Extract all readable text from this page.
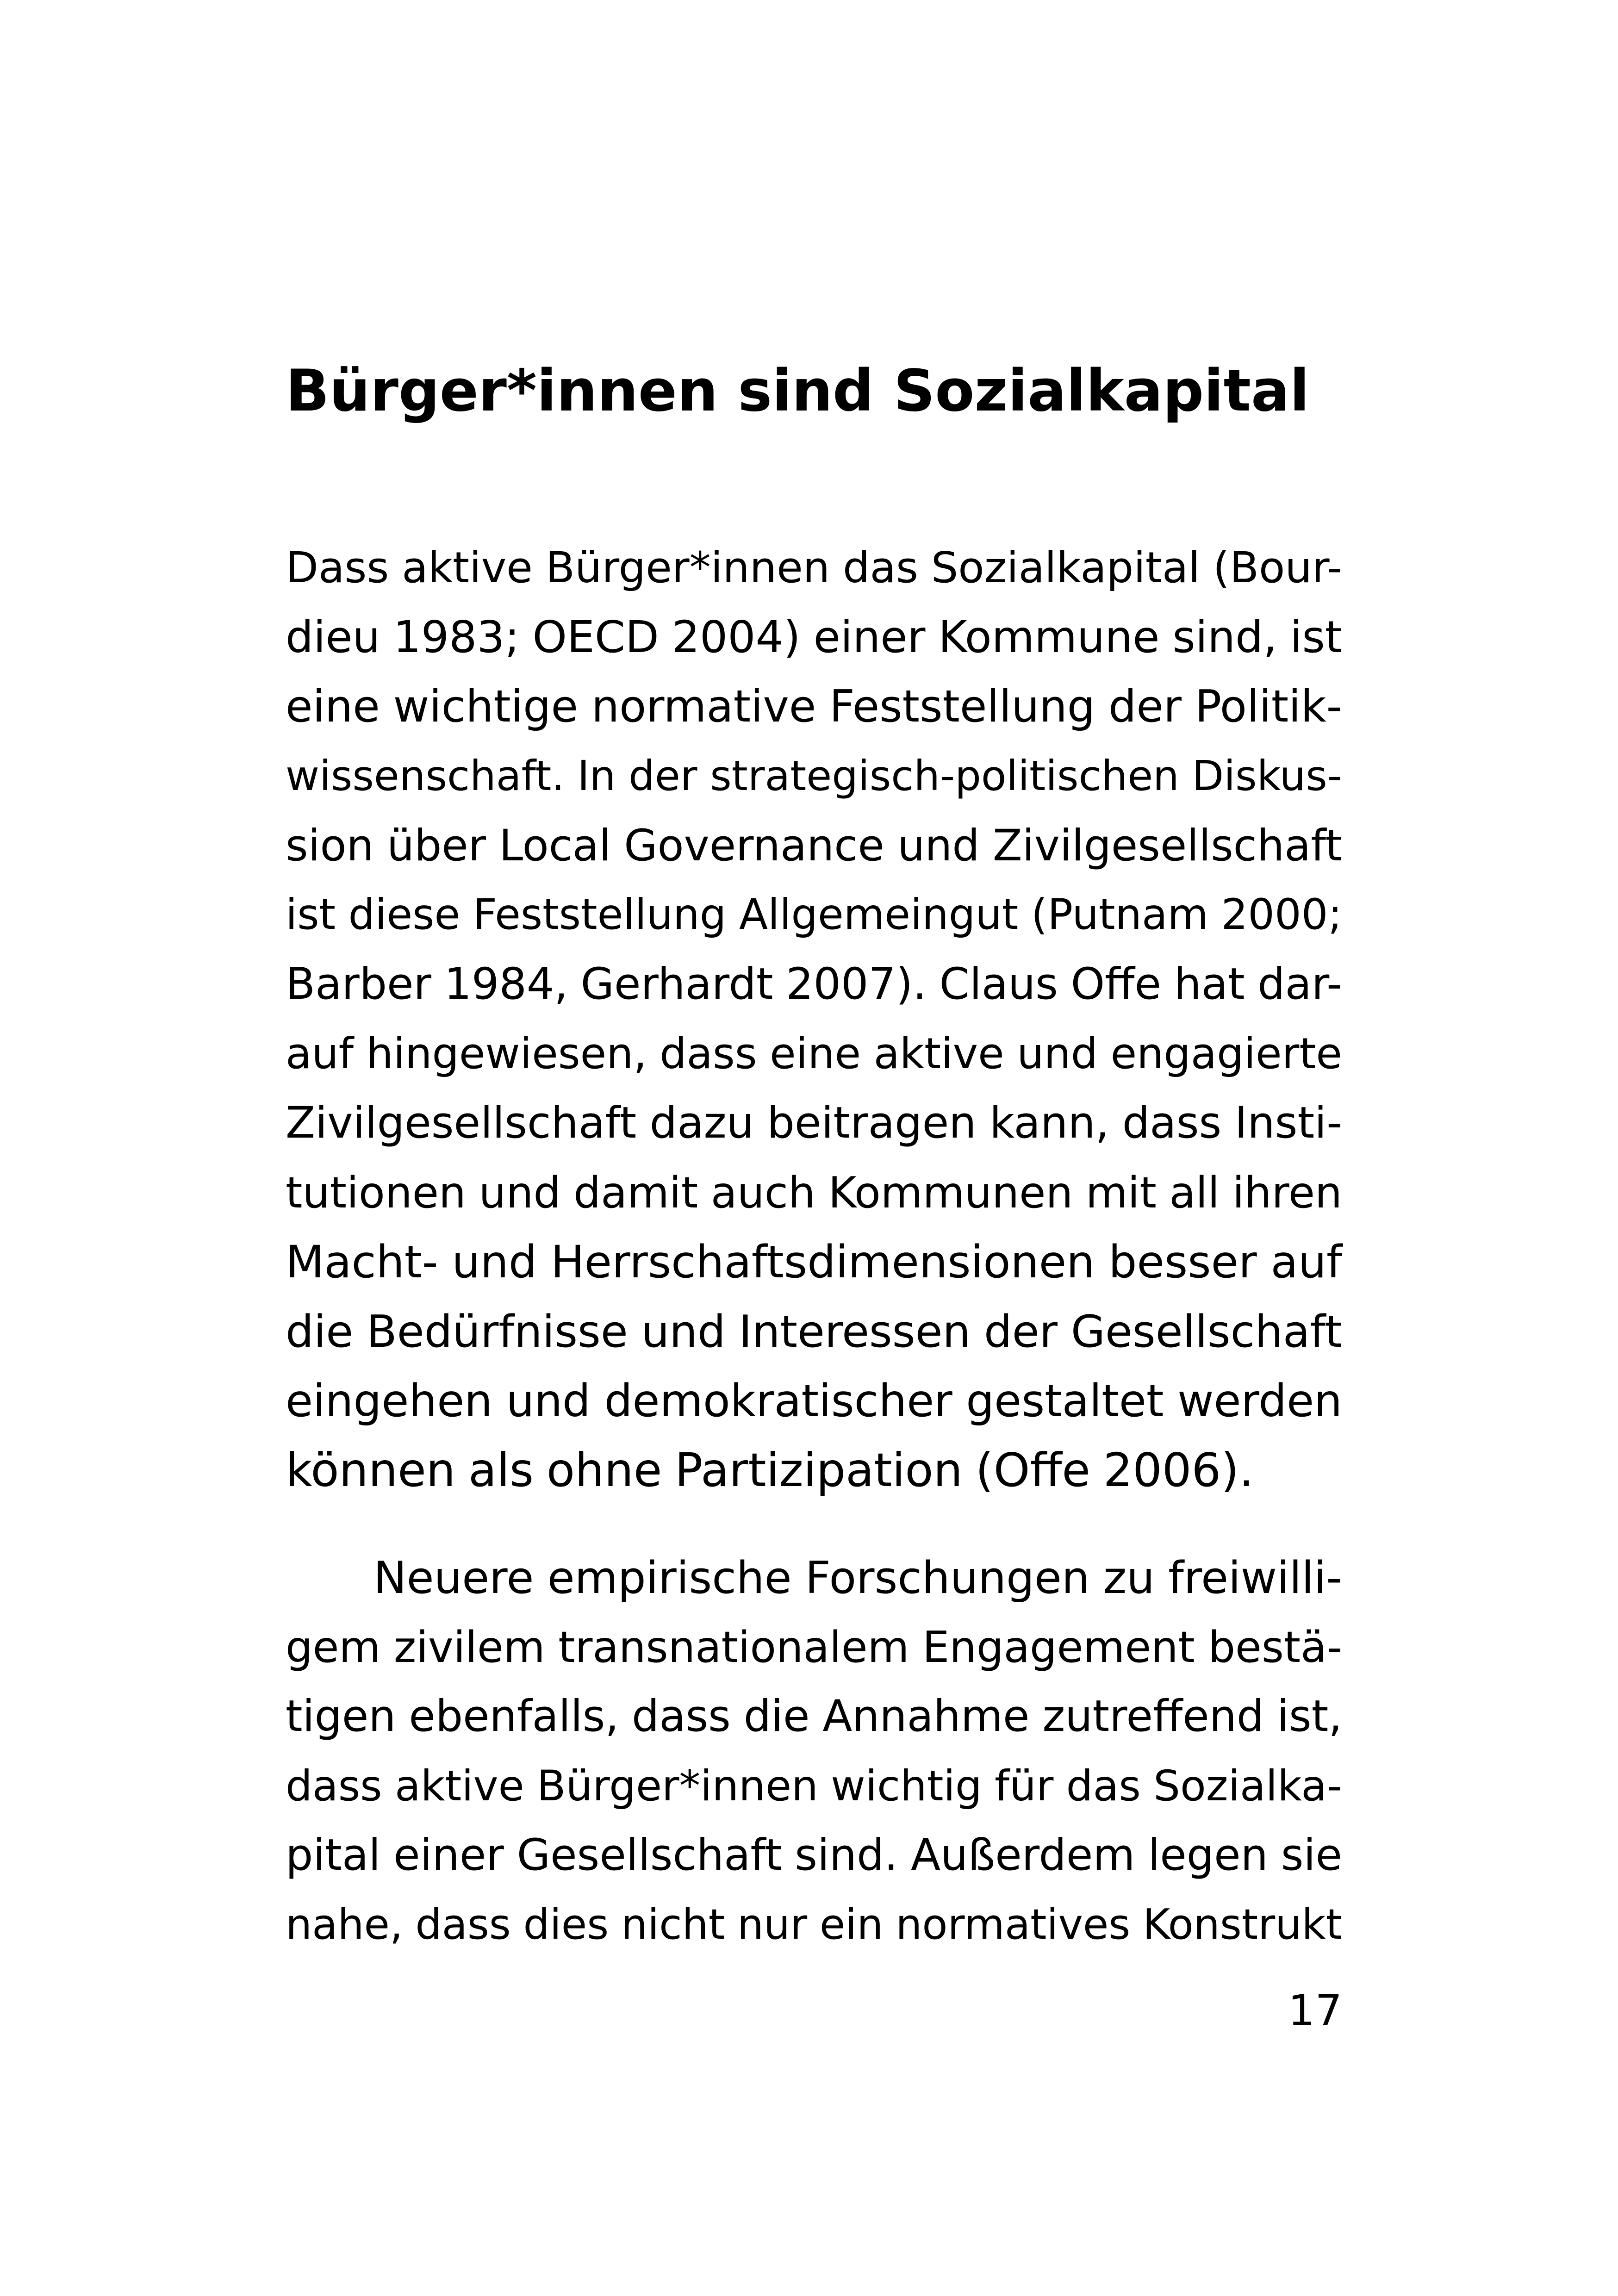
Bürger*innen sind Sozialkapital
Dass aktive Bürger*innen das Sozialkapital (Bour-
dieu 1983; OECD 2004) einer Kommune sind, ist
eine wichtige normative Feststellung der Politik-
wissenschaft. In der strategisch-politischen Diskus-
sion über Local Governance und Zivilgesellschaft
ist diese Feststellung Allgemeingut (Putnam 2000;
Barber 1984, Gerhardt 2007). Claus Offe hat dar-
auf hingewiesen, dass eine aktive und engagierte
Zivilgesellschaft dazu beitragen kann, dass Insti-
tutionen und damit auch Kommunen mit all ihren
Macht- und Herrschaftsdimensionen besser auf
die Bedürfnisse und Interessen der Gesellschaft
eingehen und demokratischer gestaltet werden
können als ohne Partizipation (Offe 2006).
Neuere empirische Forschungen zu freiwilli-
gem zivilem transnationalem Engagement bestä-
tigen ebenfalls, dass die Annahme zutreffend ist,
dass aktive Bürger*innen wichtig für das Sozialka-
pital einer Gesellschaft sind. Außerdem legen sie
nahe, dass dies nicht nur ein normatives Konstrukt
17
